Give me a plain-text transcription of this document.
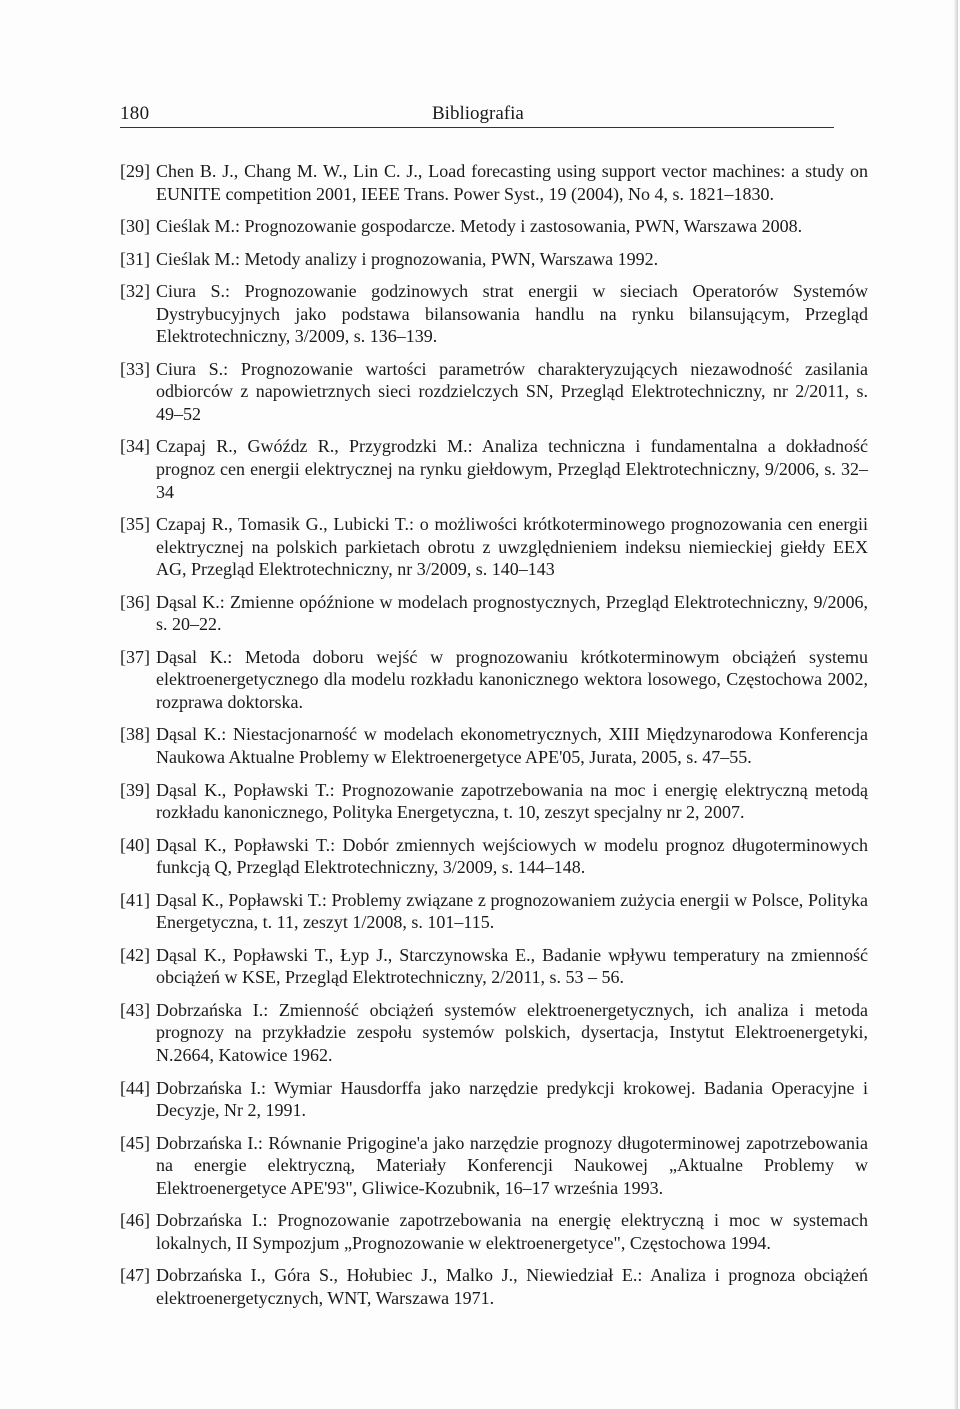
180	Bibliografia
[29] Chen B. J., Chang M. W., Lin C. J., Load forecasting using support vector machines: a study on EUNITE competition 2001, IEEE Trans. Power Syst., 19 (2004), No 4, s. 1821–1830.
[30] Cieślak M.: Prognozowanie gospodarcze. Metody i zastosowania, PWN, Warszawa 2008.
[31] Cieślak M.: Metody analizy i prognozowania, PWN, Warszawa 1992.
[32] Ciura S.: Prognozowanie godzinowych strat energii w sieciach Operatorów Systemów Dystrybucyjnych jako podstawa bilansowania handlu na rynku bilansującym, Przegląd Elektrotechniczny, 3/2009, s. 136–139.
[33] Ciura S.: Prognozowanie wartości parametrów charakteryzujących niezawodność zasilania odbiorców z napowietrznych sieci rozdzielczych SN, Przegląd Elektrotechniczny, nr 2/2011, s. 49–52
[34] Czapaj R., Gwóźdz R., Przygrodzki M.: Analiza techniczna i fundamentalna a dokładność prognoz cen energii elektrycznej na rynku giełdowym, Przegląd Elektrotechniczny, 9/2006, s. 32–34
[35] Czapaj R., Tomasik G., Lubicki T.: o możliwości krótkoterminowego prognozowania cen energii elektrycznej na polskich parkietach obrotu z uwzględnieniem indeksu niemieckiej giełdy EEX AG, Przegląd Elektrotechniczny, nr 3/2009, s. 140–143
[36] Dąsal K.: Zmienne opóźnione w modelach prognostycznych, Przegląd Elektrotechniczny, 9/2006, s. 20–22.
[37] Dąsal K.: Metoda doboru wejść w prognozowaniu krótkoterminowym obciążeń systemu elektroenergetycznego dla modelu rozkładu kanonicznego wektora losowego, Częstochowa 2002, rozprawa doktorska.
[38] Dąsal K.: Niestacjonarność w modelach ekonometrycznych, XIII Międzynarodowa Konferencja Naukowa Aktualne Problemy w Elektroenergetyce APE'05, Jurata, 2005, s. 47–55.
[39] Dąsal K., Popławski T.: Prognozowanie zapotrzebowania na moc i energię elektryczną metodą rozkładu kanonicznego, Polityka Energetyczna, t. 10, zeszyt specjalny nr 2, 2007.
[40] Dąsal K., Popławski T.: Dobór zmiennych wejściowych w modelu prognoz długoterminowych funkcją Q, Przegląd Elektrotechniczny, 3/2009, s. 144–148.
[41] Dąsal K., Popławski T.: Problemy związane z prognozowaniem zużycia energii w Polsce, Polityka Energetyczna, t. 11, zeszyt 1/2008, s. 101–115.
[42] Dąsal K., Popławski T., Łyp J., Starczynowska E., Badanie wpływu temperatury na zmienność obciążeń w KSE, Przegląd Elektrotechniczny, 2/2011, s. 53 – 56.
[43] Dobrzańska I.: Zmienność obciążeń systemów elektroenergetycznych, ich analiza i metoda prognozy na przykładzie zespołu systemów polskich, dysertacja, Instytut Elektroenergetyki, N.2664, Katowice 1962.
[44] Dobrzańska I.: Wymiar Hausdorffa jako narzędzie predykcji krokowej. Badania Operacyjne i Decyzje, Nr 2, 1991.
[45] Dobrzańska I.: Równanie Prigogine'a jako narzędzie prognozy długoterminowej zapotrzebowania na energie elektryczną, Materiały Konferencji Naukowej „Aktualne Problemy w Elektroenergetyce APE'93", Gliwice-Kozubnik, 16–17 września 1993.
[46] Dobrzańska I.: Prognozowanie zapotrzebowania na energię elektryczną i moc w systemach lokalnych, II Sympozjum „Prognozowanie w elektroenergetyce", Częstochowa 1994.
[47] Dobrzańska I., Góra S., Hołubiec J., Malko J., Niewiedział E.: Analiza i prognoza obciążeń elektroenergetycznych, WNT, Warszawa 1971.
